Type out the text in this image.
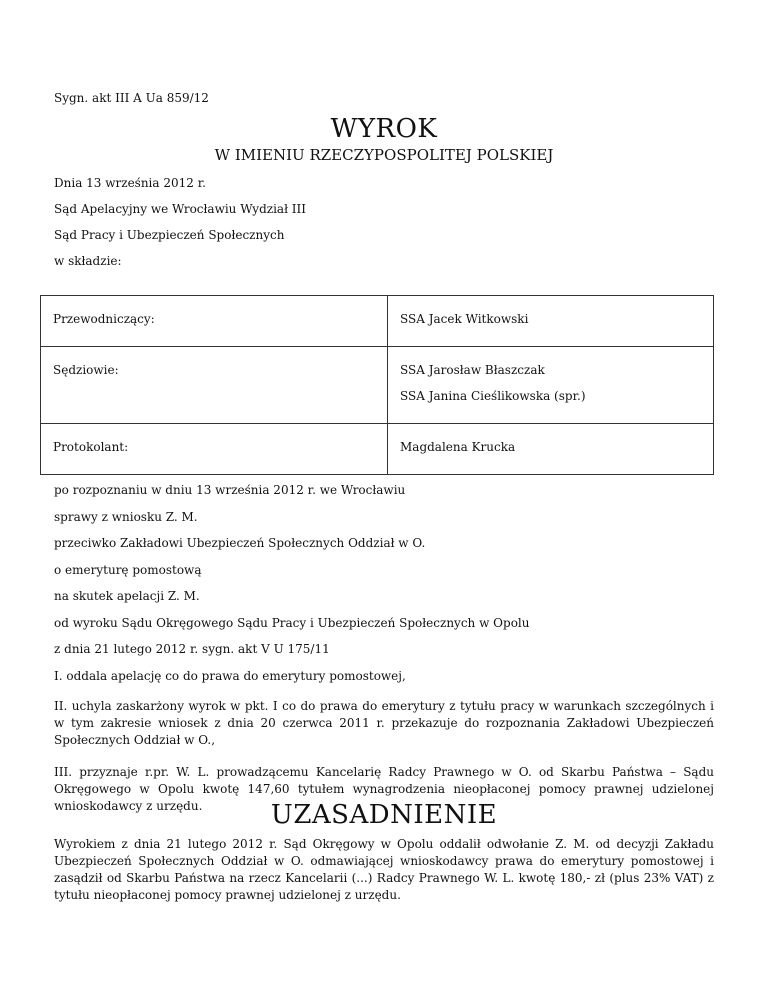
Sygn. akt III A Ua 859/12
WYROK
W IMIENIU RZECZYPOSPOLITEJ POLSKIEJ
Dnia 13 września 2012 r.
Sąd Apelacyjny we Wrocławiu Wydział III
Sąd Pracy i Ubezpieczeń Społecznych
w składzie:
Przewodniczący:	SSA Jacek Witkowski

Sędziowie:	SSA Jarosław Błaszczak
SSA Janina Cieślikowska (spr.)

Protokolant:	Magdalena Krucka
po rozpoznaniu w dniu 13 września 2012 r. we Wrocławiu
sprawy z wniosku Z. M.
przeciwko Zakładowi Ubezpieczeń Społecznych Oddział w O.
o emeryturę pomostową
na skutek apelacji Z. M.
od wyroku Sądu Okręgowego Sądu Pracy i Ubezpieczeń Społecznych w Opolu
z dnia 21 lutego 2012 r. sygn. akt V U 175/11
I. oddala apelację co do prawa do emerytury pomostowej,
II. uchyla zaskarżony wyrok w pkt. I co do prawa do emerytury z tytułu pracy w warunkach szczególnych i w tym zakresie wniosek z dnia 20 czerwca 2011 r. przekazuje do rozpoznania Zakładowi Ubezpieczeń Społecznych Oddział w O.,
III. przyznaje r.pr. W. L. prowadzącemu Kancelarię Radcy Prawnego w O. od Skarbu Państwa – Sądu Okręgowego w Opolu kwotę 147,60 tytułem wynagrodzenia nieopłaconej pomocy prawnej udzielonej wnioskodawcy z urzędu.	UZASADNIENIE
Wyrokiem z dnia 21 lutego 2012 r. Sąd Okręgowy w Opolu oddalił odwołanie Z. M. od decyzji Zakładu Ubezpieczeń Społecznych Oddział w O. odmawiającej wnioskodawcy prawa do emerytury pomostowej i zasądził od Skarbu Państwa na rzecz Kancelarii (...) Radcy Prawnego W. L. kwotę 180,- zł (plus 23% VAT) z tytułu nieopłaconej pomocy prawnej udzielonej z urzędu.
